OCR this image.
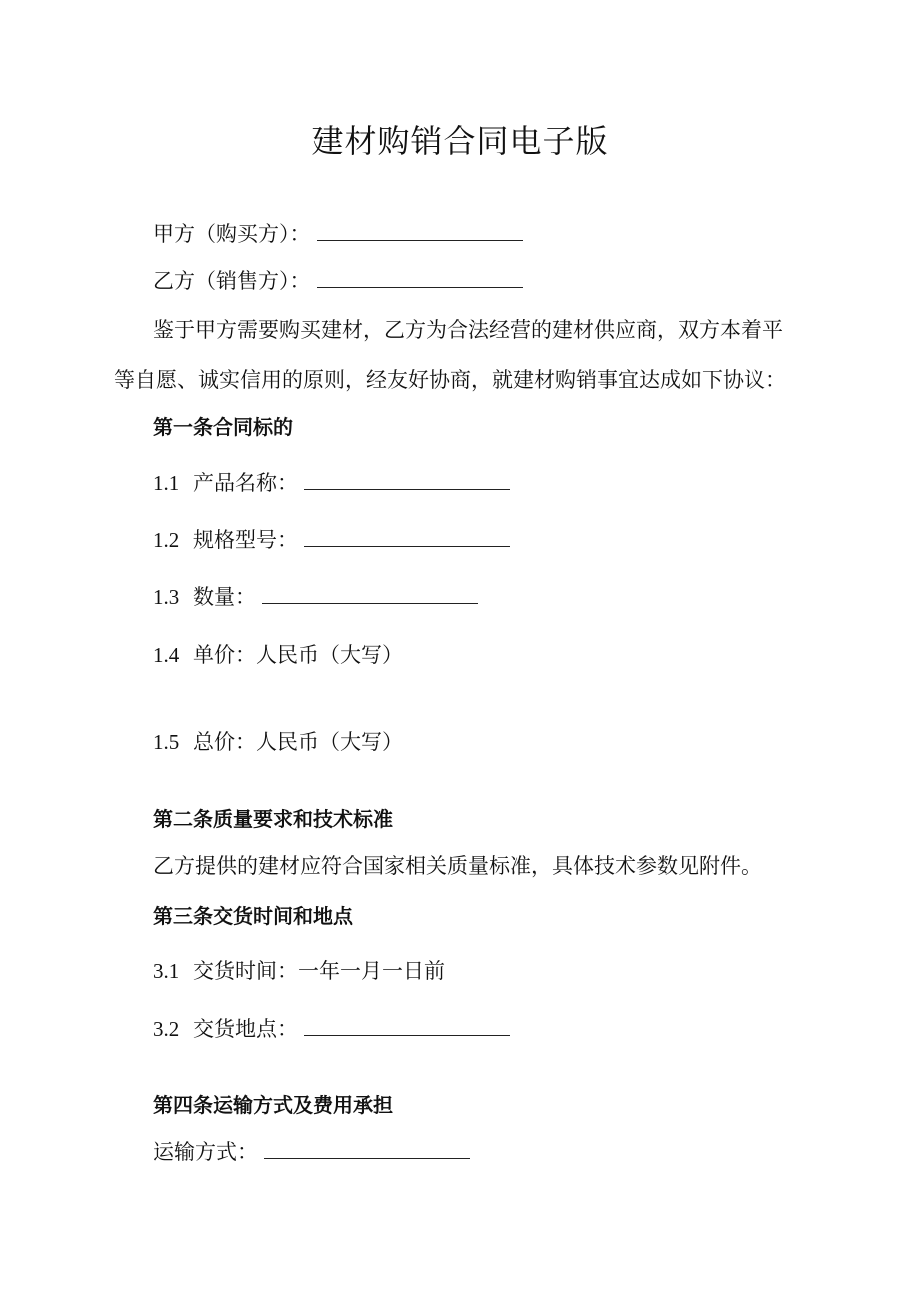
建材购销合同电子版
甲方（购买方）：
乙方（销售方）：
鉴于甲方需要购买建材，乙方为合法经营的建材供应商，双方本着平
等自愿、诚实信用的原则，经友好协商，就建材购销事宜达成如下协议：
第一条合同标的
1.1 产品名称：
1.2 规格型号：
1.3 数量：
1.4 单价：人民币（大写）
1.5 总价：人民币（大写）
第二条质量要求和技术标准
乙方提供的建材应符合国家相关质量标准，具体技术参数见附件。
第三条交货时间和地点
3.1 交货时间：一年一月一日前
3.2 交货地点：
第四条运输方式及费用承担
运输方式：
